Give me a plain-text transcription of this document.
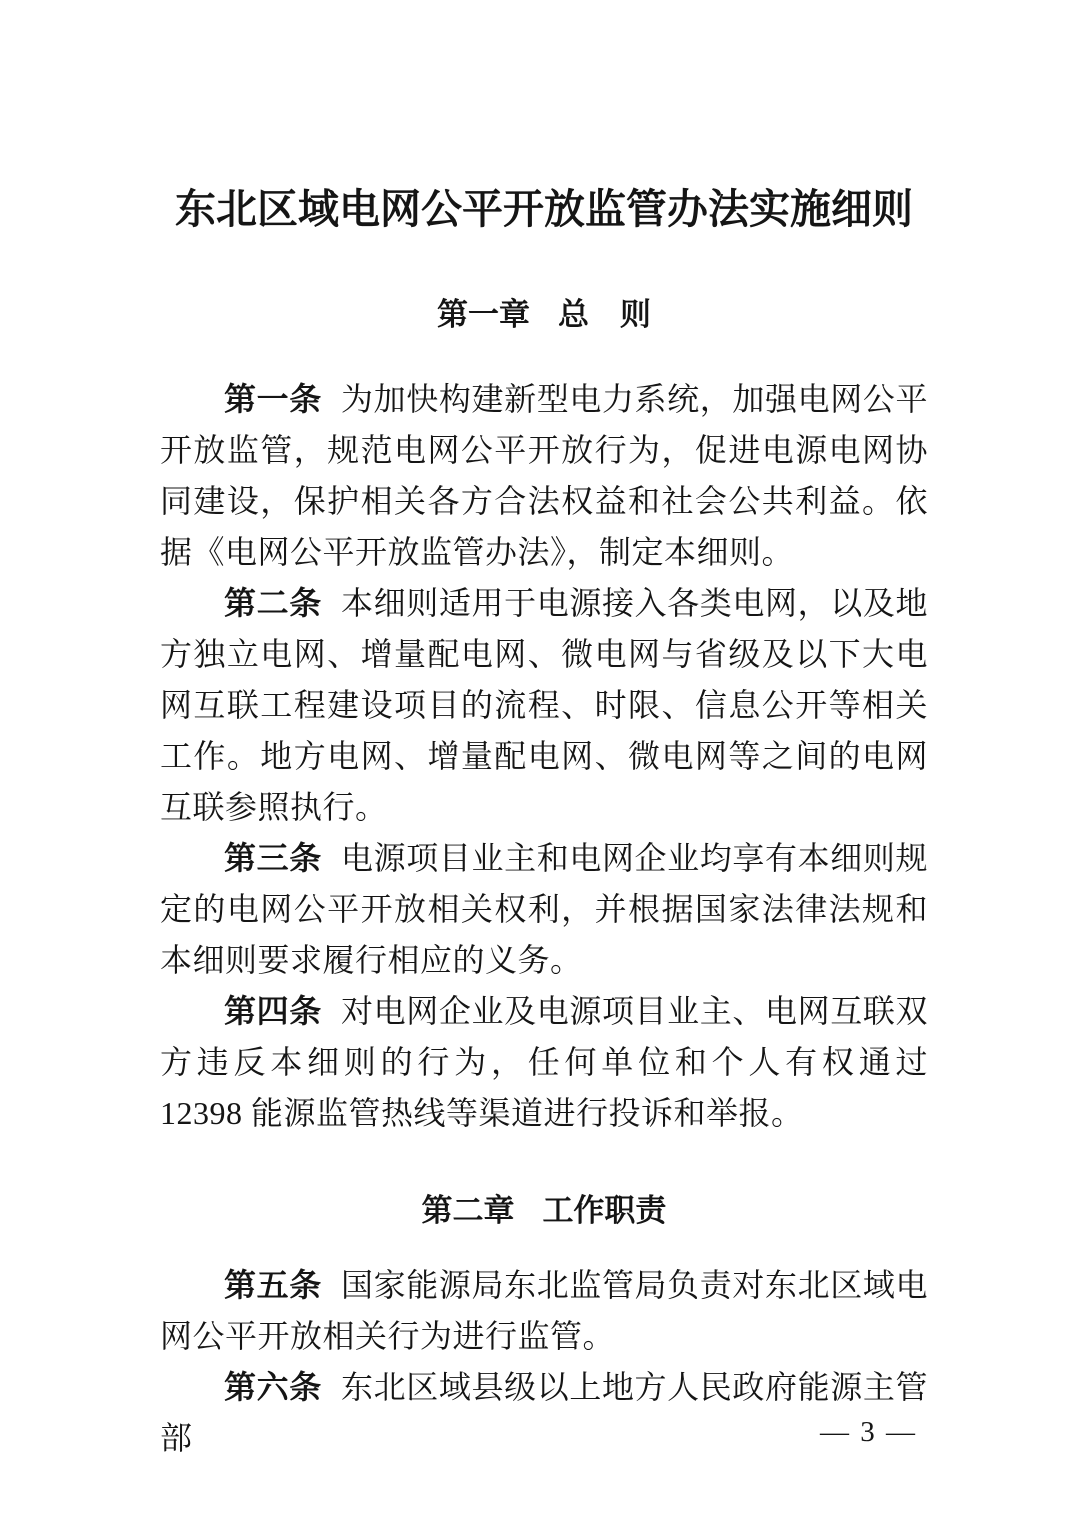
东北区域电网公平开放监管办法实施细则
第一章 总　则

第一条 为加快构建新型电力系统，加强电网公平开放监管，规范电网公平开放行为，促进电源电网协同建设，保护相关各方合法权益和社会公共利益。依据《电网公平开放监管办法》，制定本细则。

第二条 本细则适用于电源接入各类电网，以及地方独立电网、增量配电网、微电网与省级及以下大电网互联工程建设项目的流程、时限、信息公开等相关工作。地方电网、增量配电网、微电网等之间的电网互联参照执行。

第三条 电源项目业主和电网企业均享有本细则规定的电网公平开放相关权利，并根据国家法律法规和本细则要求履行相应的义务。

第四条 对电网企业及电源项目业主、电网互联双方违反本细则的行为，任何单位和个人有权通过 12398 能源监管热线等渠道进行投诉和举报。

第二章 工作职责

第五条 国家能源局东北监管局负责对东北区域电网公平开放相关行为进行监管。

第六条 东北区域县级以上地方人民政府能源主管部	— 3 —
